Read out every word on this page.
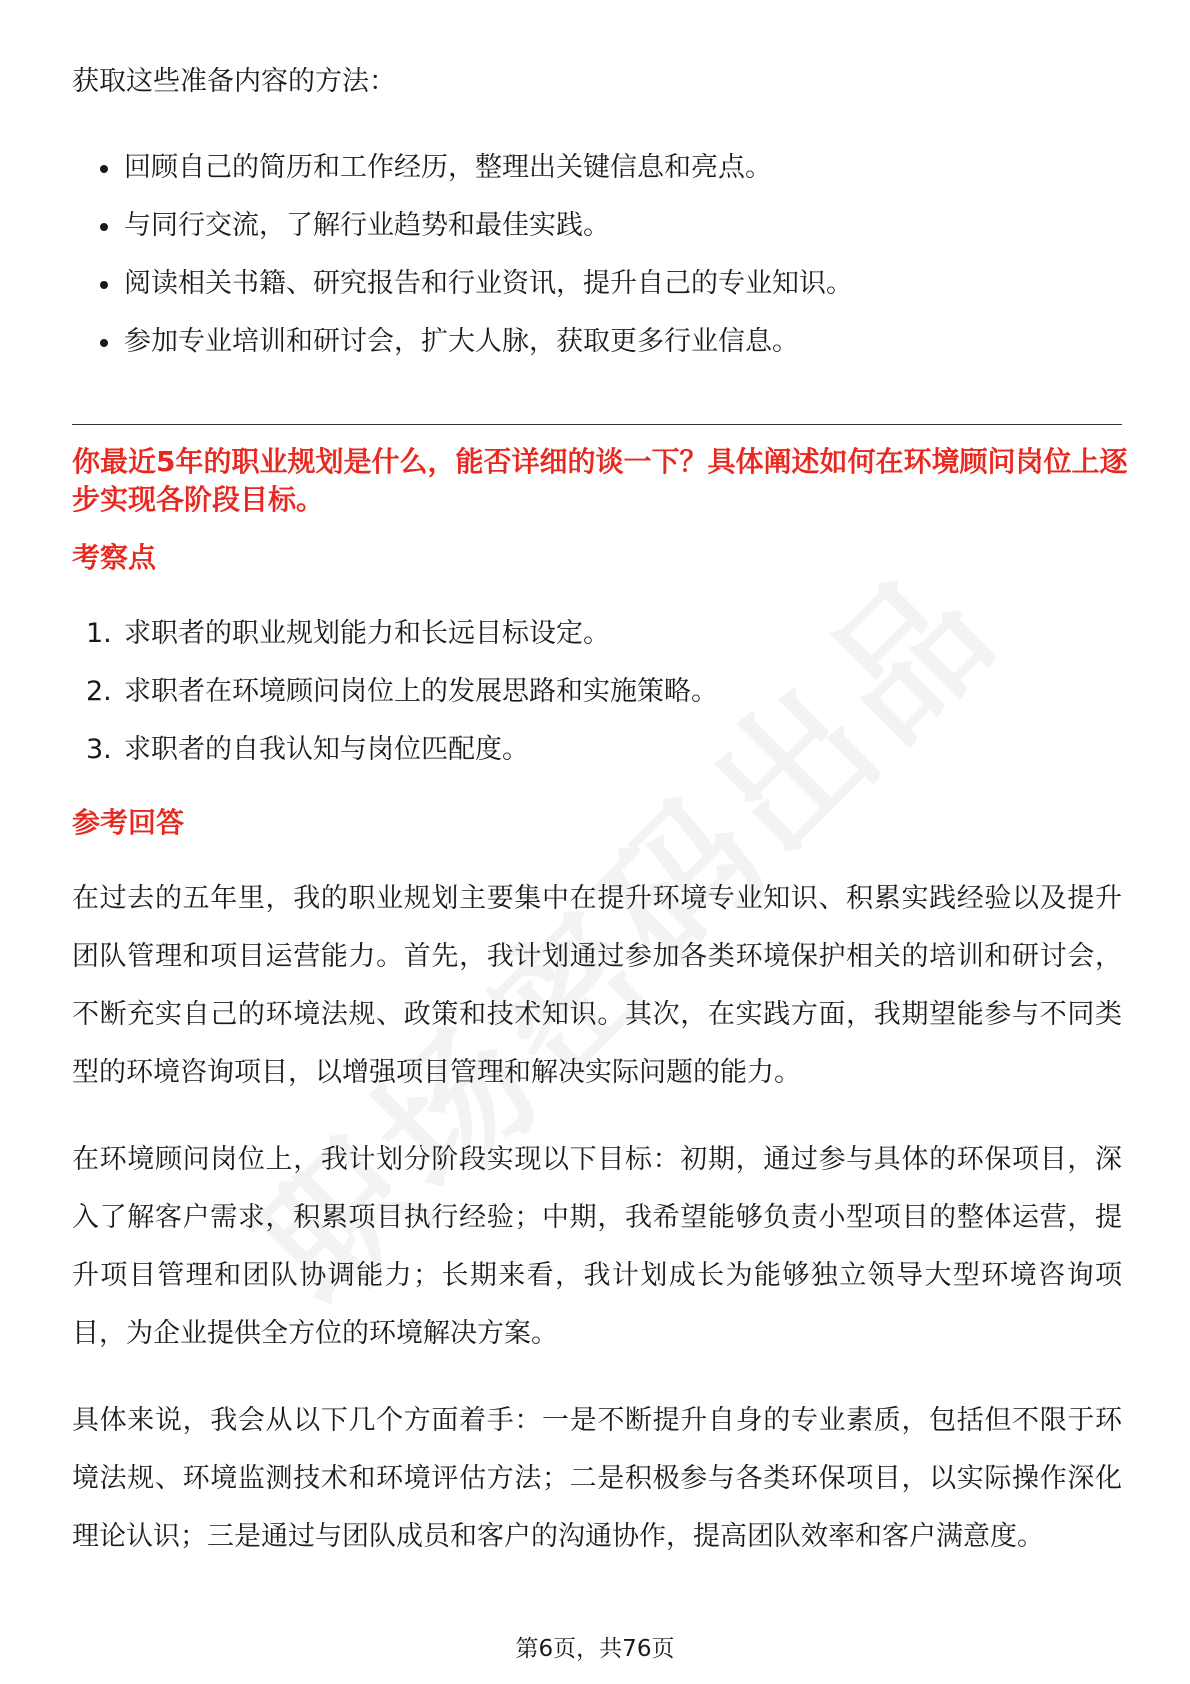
获取这些准备内容的方法：

回顾自己的简历和工作经历，整理出关键信息和亮点。
与同行交流，了解行业趋势和最佳实践。
阅读相关书籍、研究报告和行业资讯，提升自己的专业知识。
参加专业培训和研讨会，扩大人脉，获取更多行业信息。

你最近5年的职业规划是什么，能否详细的谈一下？具体阐述如何在环境顾问岗位上逐步实现各阶段目标。

考察点

1. 求职者的职业规划能力和长远目标设定。
2. 求职者在环境顾问岗位上的发展思路和实施策略。
3. 求职者的自我认知与岗位匹配度。

参考回答

在过去的五年里，我的职业规划主要集中在提升环境专业知识、积累实践经验以及提升团队管理和项目运营能力。首先，我计划通过参加各类环境保护相关的培训和研讨会，不断充实自己的环境法规、政策和技术知识。其次，在实践方面，我期望能参与不同类型的环境咨询项目，以增强项目管理和解决实际问题的能力。

在环境顾问岗位上，我计划分阶段实现以下目标：初期，通过参与具体的环保项目，深入了解客户需求，积累项目执行经验；中期，我希望能够负责小型项目的整体运营，提升项目管理和团队协调能力；长期来看，我计划成长为能够独立领导大型环境咨询项目，为企业提供全方位的环境解决方案。

具体来说，我会从以下几个方面着手：一是不断提升自身的专业素质，包括但不限于环境法规、环境监测技术和环境评估方法；二是积极参与各类环保项目，以实际操作深化理论认识；三是通过与团队成员和客户的沟通协作，提高团队效率和客户满意度。

第6页，共76页
